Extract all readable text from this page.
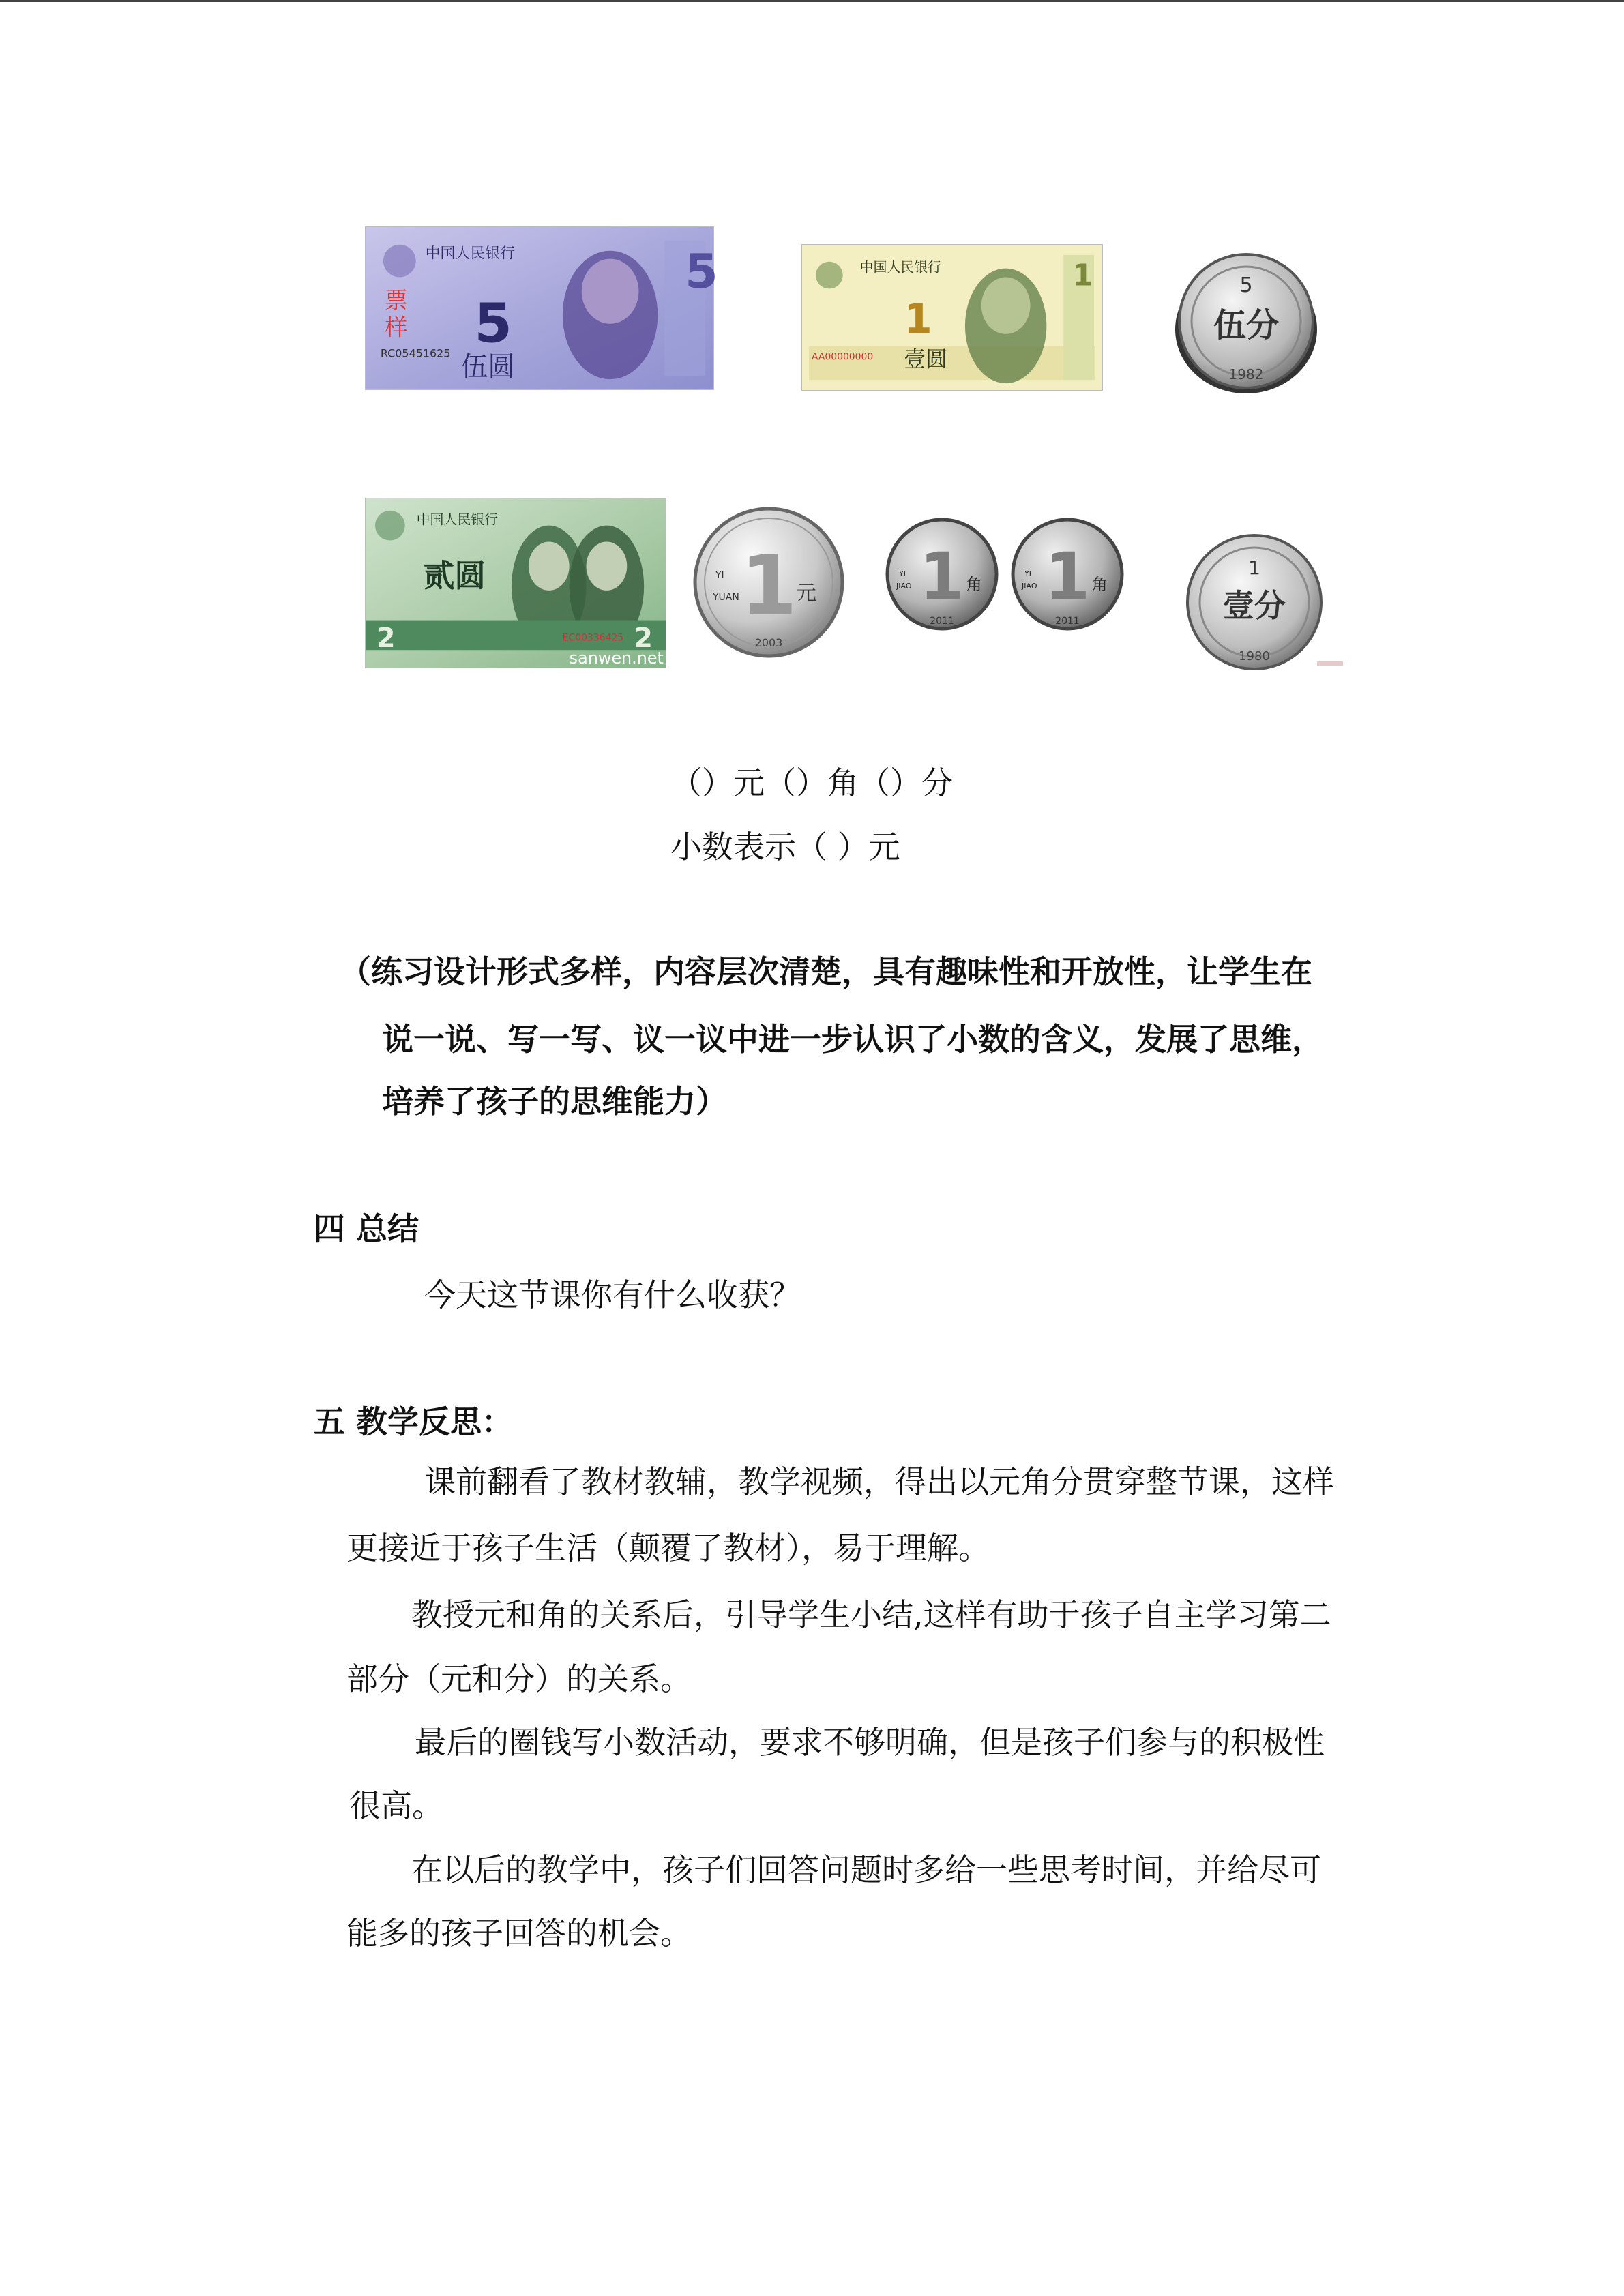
中国人民银行
5
5
伍圆
票
样
RC05451625
中国人民银行
1
1
壹圆
AA00000000
5
伍分
1982
中国人民银行
贰圆
2	2
EC00336425
sanwen.net
1
元
YI
YUAN
2003
1 角
YI
JIAO
2011
1 角
YI
JIAO
2011
1
壹分
1980
（）元（）角（）分
小数表示（ ）元
（练习设计形式多样，内容层次清楚，具有趣味性和开放性，让学生在
说一说、写一写、议一议中进一步认识了小数的含义，发展了思维，
培养了孩子的思维能力）
四 总结
今天这节课你有什么收获？
五 教学反思：
课前翻看了教材教辅，教学视频，得出以元角分贯穿整节课，这样
更接近于孩子生活（颠覆了教材），易于理解。
教授元和角的关系后，引导学生小结,这样有助于孩子自主学习第二
部分（元和分）的关系。
最后的圈钱写小数活动，要求不够明确，但是孩子们参与的积极性
很高。
在以后的教学中，孩子们回答问题时多给一些思考时间，并给尽可
能多的孩子回答的机会。
